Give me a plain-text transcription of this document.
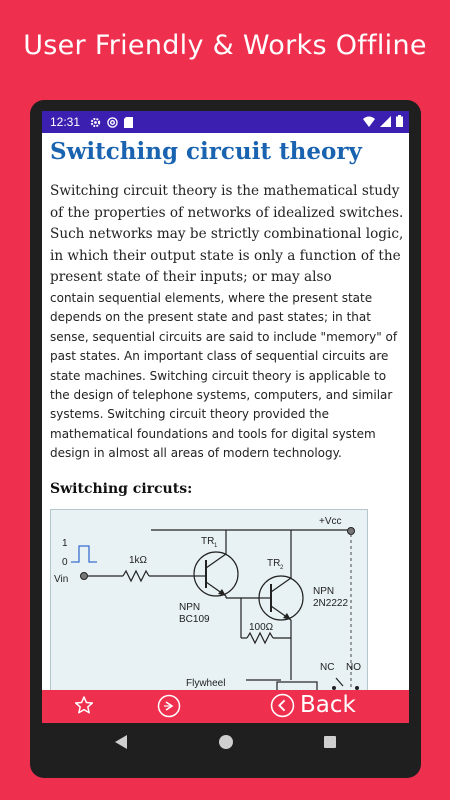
User Friendly & Works Offline
12:31
Switching circuit theory
Switching circuit theory is the mathematical study of the properties of networks of idealized switches. Such networks may be strictly combinational logic, in which their output state is only a function of the present state of their inputs; or may also
contain sequential elements, where the present state depends on the present state and past states; in that sense, sequential circuits are said to include "memory" of past states. An important class of sequential circuits are state machines. Switching circuit theory is applicable to the design of telephone systems, computers, and similar systems. Switching circuit theory provided the mathematical foundations and tools for digital system design in almost all areas of modern technology.
Switching circuts:
+Vcc
1
0
Vin
1kΩ
TR 1
NPN
BC109
TR 2
NPN
2N2222
100Ω
Flywheel
NC NO
Back
